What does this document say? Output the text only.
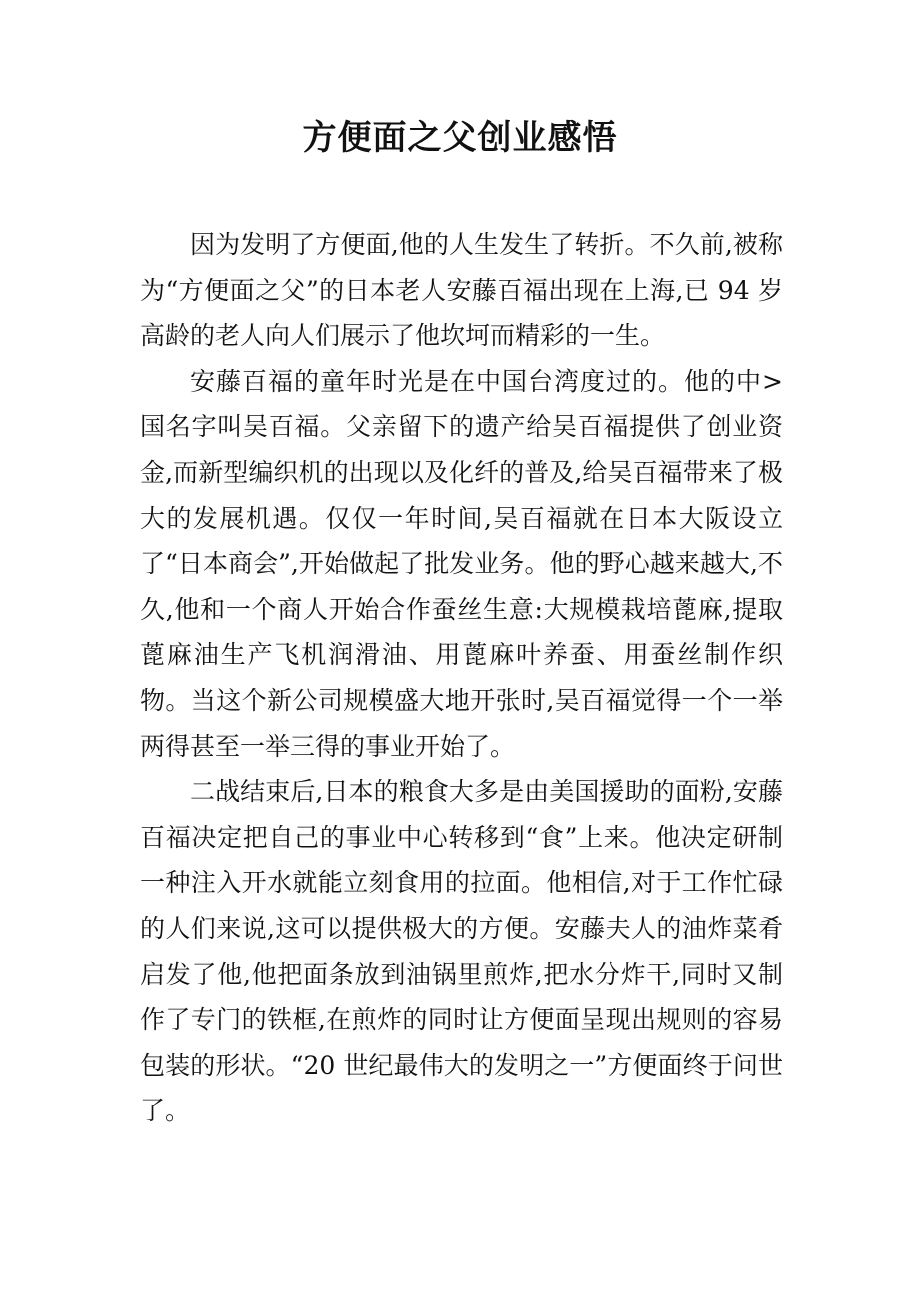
方便面之父创业感悟

因为发明了方便面,他的人生发生了转折。不久前,被称为“方便面之父”的日本老人安藤百福出现在上海,已 94 岁高龄的老人向人们展示了他坎坷而精彩的一生。

安藤百福的童年时光是在中国台湾度过的。他的中>国名字叫吴百福。父亲留下的遗产给吴百福提供了创业资金,而新型编织机的出现以及化纤的普及,给吴百福带来了极大的发展机遇。仅仅一年时间,吴百福就在日本大阪设立了“日本商会”,开始做起了批发业务。他的野心越来越大,不久,他和一个商人开始合作蚕丝生意:大规模栽培蓖麻,提取蓖麻油生产飞机润滑油、用蓖麻叶养蚕、用蚕丝制作织物。当这个新公司规模盛大地开张时,吴百福觉得一个一举两得甚至一举三得的事业开始了。

二战结束后,日本的粮食大多是由美国援助的面粉,安藤百福决定把自己的事业中心转移到“食”上来。他决定研制一种注入开水就能立刻食用的拉面。他相信,对于工作忙碌的人们来说,这可以提供极大的方便。安藤夫人的油炸菜肴启发了他,他把面条放到油锅里煎炸,把水分炸干,同时又制作了专门的铁框,在煎炸的同时让方便面呈现出规则的容易包装的形状。“20 世纪最伟大的发明之一”方便面终于问世了。
